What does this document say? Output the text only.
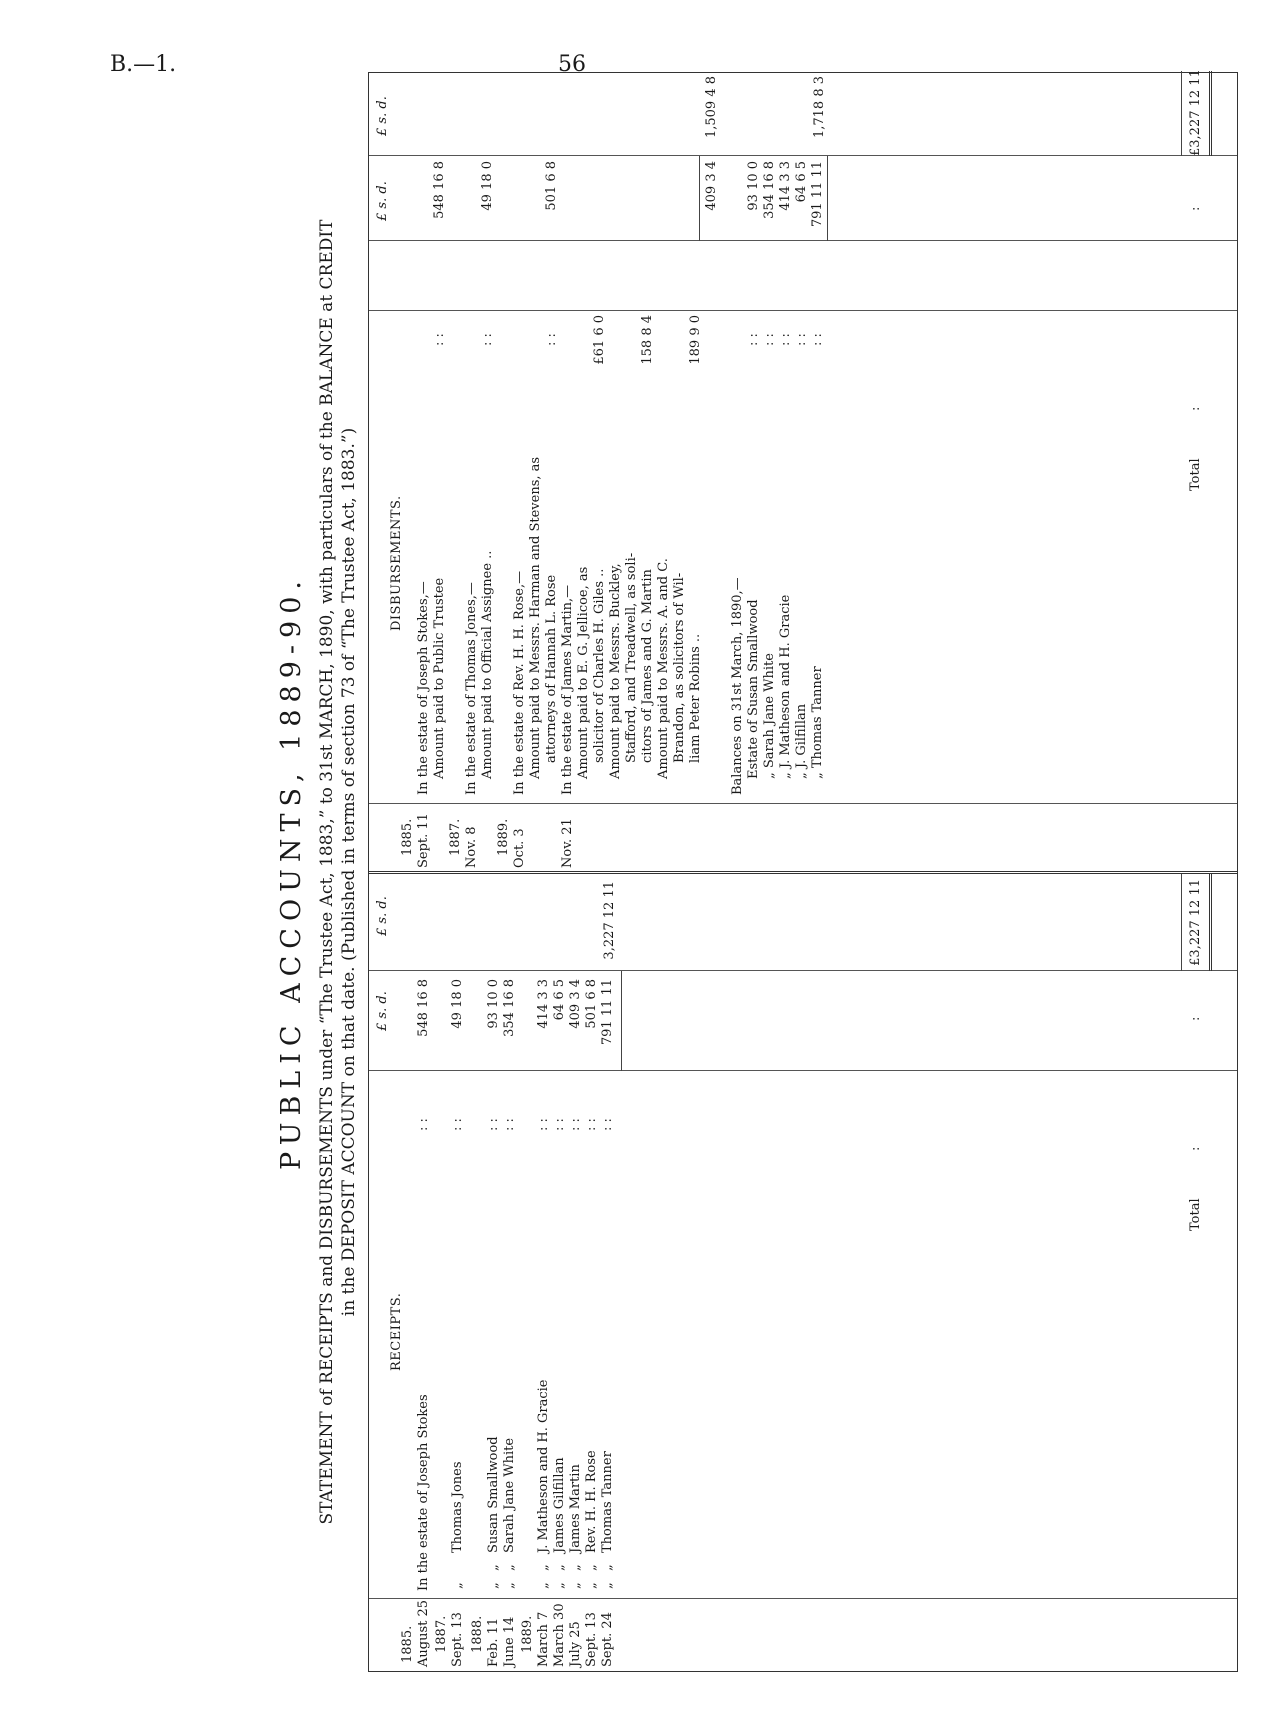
B.—1.	56
PUBLIC ACCOUNTS, 1889-90. STATEMENT of RECEIPTS and DISBURSEMENTS under “The Trustee Act, 1883,” to 31st MARCH, 1890, with particulars of the BALANCE at CREDIT in the DEPOSIT ACCOUNT on that date. (Published in terms of section 73 of “The Trustee Act, 1883.”) £ s. d.
£ s. d.
£ s. d.
£ s. d.
RECEIPTS.
DISBURSEMENTS.
1885. August 25
In the estate of Joseph Stokes
: :
548 16 8
1887. Sept. 13
Thomas Jones
: :
49 18 0
1888. Feb. 11
Susan Smallwood
: :
93 10 0
June 14
Sarah Jane White
: :
354 16 8
1889. March 7
J. Matheson and H. Gracie
: :
414 3 3
March 30
James Gilfillan
: :
64 6 5
July 25
James Martin
: :
409 3 4
Sept. 13
Rev. H. H. Rose
: :
501 6 8
Sept. 24
Thomas Tanner
: :
791 11 11
„ „
„
„
„
„
„
„
„
„
„
„
„
„
„
3,227 12 11
1885. Sept. 11
In the estate of Joseph Stokes,— Amount paid to Public Trustee
: :
548 16 8
1887. Nov. 8
In the estate of Thomas Jones,— Amount paid to Official Assignee ..
: :
49 18 0
1889. Oct. 3
In the estate of Rev. H. H. Rose,— Amount paid to Messrs. Harman and Stevens, as attorneys of Hannah L. Rose
: :
501 6 8
Nov. 21
In the estate of James Martin,— Amount paid to E. G. Jellicoe, as solicitor of Charles H. Giles ..
£61 6 0
Amount paid to Messrs. Buckley, Stafford, and Treadwell, as soli- citors of James and G. Martin
158 8 4
Amount paid to Messrs. A. and C. Brandon, as solicitors of Wil- liam Peter Robins ..
189 9 0
409 3 4
1,509 4 8
Balances on 31st March, 1890,— Estate of Susan Smallwood
: :
93 10 0
„ Sarah Jane White
: :
354 16 8
„ J. Matheson and H. Gracie
: :
414 3 3
„ J. Gilfillan
: :
64 6 5
„ Thomas Tanner
: :
791 11 11
1,718 8 3
Total
:
:
£3,227 12 11
Total
:
:
£3,227 12 11
